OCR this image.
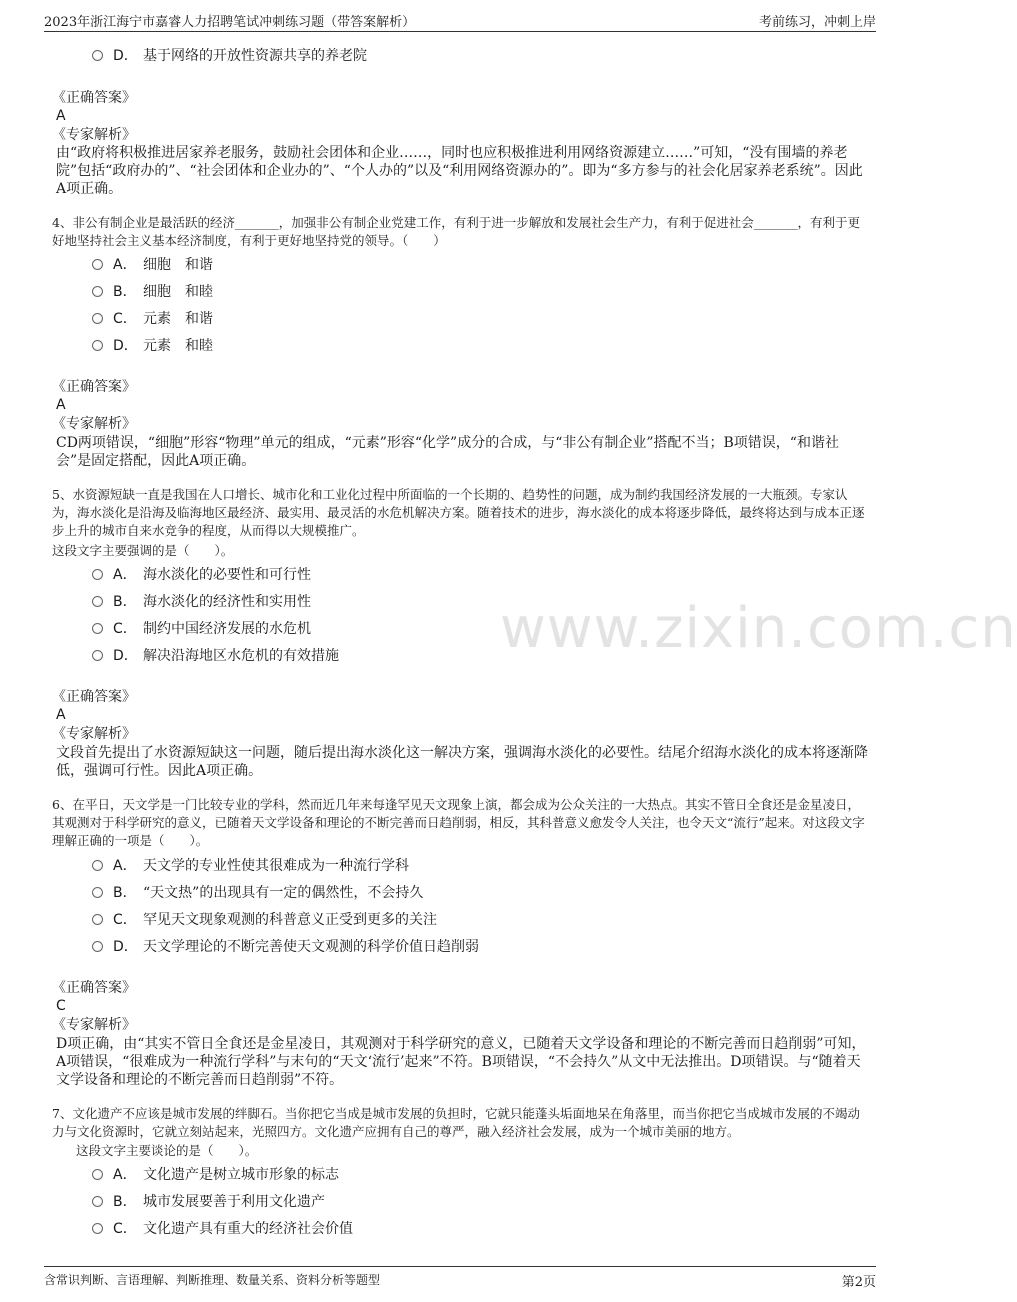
2023年浙江海宁市嘉睿人力招聘笔试冲刺练习题（带答案解析）	考前练习，冲刺上岸
www.zixin.com.cn
D． 基于网络的开放性资源共享的养老院
《正确答案》
A
《专家解析》
由“政府将积极推进居家养老服务，鼓励社会团体和企业……，同时也应积极推进利用网络资源建立……”可知，“没有围墙的养老院”包括“政府办的”、“社会团体和企业办的”、“个人办的”以及“利用网络资源办的”。即为“多方参与的社会化居家养老系统”。因此A项正确。
4、非公有制企业是最活跃的经济_______，加强非公有制企业党建工作，有利于进一步解放和发展社会生产力，有利于促进社会_______，有利于更好地坚持社会主义基本经济制度，有利于更好地坚持党的领导。（　　）
A． 细胞　和谐
B． 细胞　和睦
C． 元素　和谐
D． 元素　和睦
《正确答案》
A
《专家解析》
CD两项错误，“细胞”形容“物理”单元的组成，“元素”形容“化学”成分的合成，与“非公有制企业”搭配不当；B项错误，“和谐社会”是固定搭配，因此A项正确。
5、水资源短缺一直是我国在人口增长、城市化和工业化过程中所面临的一个长期的、趋势性的问题，成为制约我国经济发展的一大瓶颈。专家认为，海水淡化是沿海及临海地区最经济、最实用、最灵活的水危机解决方案。随着技术的进步，海水淡化的成本将逐步降低，最终将达到与成本正逐步上升的城市自来水竞争的程度，从而得以大规模推广。
这段文字主要强调的是（　　）。
A． 海水淡化的必要性和可行性
B． 海水淡化的经济性和实用性
C． 制约中国经济发展的水危机
D． 解决沿海地区水危机的有效措施
《正确答案》
A
《专家解析》
文段首先提出了水资源短缺这一问题，随后提出海水淡化这一解决方案，强调海水淡化的必要性。结尾介绍海水淡化的成本将逐渐降低，强调可行性。因此A项正确。
6、在平日，天文学是一门比较专业的学科，然而近几年来每逢罕见天文现象上演，都会成为公众关注的一大热点。其实不管日全食还是金星凌日，其观测对于科学研究的意义，已随着天文学设备和理论的不断完善而日趋削弱，相反，其科普意义愈发令人关注，也令天文“流行”起来。对这段文字理解正确的一项是（　　）。
A． 天文学的专业性使其很难成为一种流行学科
B． “天文热”的出现具有一定的偶然性，不会持久
C． 罕见天文现象观测的科普意义正受到更多的关注
D． 天文学理论的不断完善使天文观测的科学价值日趋削弱
《正确答案》
C
《专家解析》
D项正确，由“其实不管日全食还是金星凌日，其观测对于科学研究的意义，已随着天文学设备和理论的不断完善而日趋削弱”可知，A项错误，“很难成为一种流行学科”与末句的“天文‘流行’起来”不符。B项错误，“不会持久”从文中无法推出。D项错误。与“随着天文学设备和理论的不断完善而日趋削弱”不符。
7、文化遗产不应该是城市发展的绊脚石。当你把它当成是城市发展的负担时，它就只能蓬头垢面地呆在角落里，而当你把它当成城市发展的不竭动力与文化资源时，它就立刻站起来，光照四方。文化遗产应拥有自己的尊严，融入经济社会发展，成为一个城市美丽的地方。
这段文字主要谈论的是（　　）。
A． 文化遗产是树立城市形象的标志
B． 城市发展要善于利用文化遗产
C． 文化遗产具有重大的经济社会价值
含常识判断、言语理解、判断推理、数量关系、资料分析等题型	第2页
